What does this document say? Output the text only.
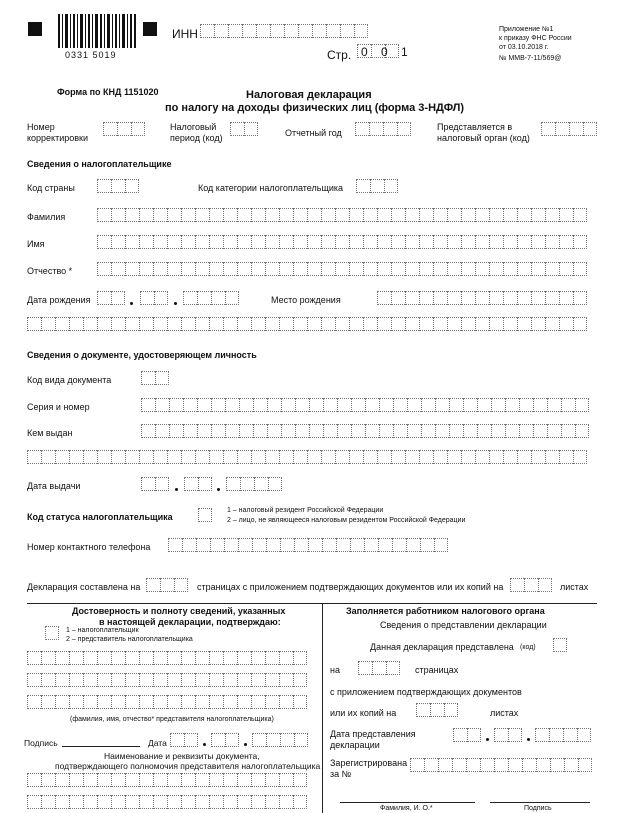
0331 5019
ИНН
Стр. 0 0 1
Приложение №1
к приказу ФНС России
от 03.10.2018 г.
№ ММВ-7-11/569@
Форма по КНД 1151020	Налоговая декларация
по налогу на доходы физических лиц (форма 3-НДФЛ)
Номер
корректировки
Налоговый
период (код)	Отчетный год
Представляется в
налоговый орган (код)
Сведения о налогоплательщике
Код страны	Код категории налогоплательщика
Фамилия
Имя
Отчество *
Дата рождения	Место рождения
Сведения о документе, удостоверяющем личность
Код вида документа
Серия и номер
Кем выдан
Дата выдачи
Код статуса налогоплательщика
1 – налоговый резидент Российской Федерации
2 – лицо, не являющееся налоговым резидентом Российской Федерации
Номер контактного телефона
Декларация составлена на	страницах с приложением подтверждающих документов или их копий на	листах
Достоверность и полноту сведений, указанных
в настоящей декларации, подтверждаю:
1 – налогоплательщик
2 – представитель налогоплательщика
(фамилия, имя, отчество* представителя налогоплательщика)
Подпись	Дата
Наименование и реквизиты документа,
подтверждающего полномочия представителя налогоплательщика
Заполняется работником налогового органа
Сведения о представлении декларации
Данная декларация представлена (код)
на	страницах
с приложением подтверждающих документов
или их копий на	листах
Дата представления
декларации
Зарегистрирована
за №
Фамилия, И. О.*	Подпись
